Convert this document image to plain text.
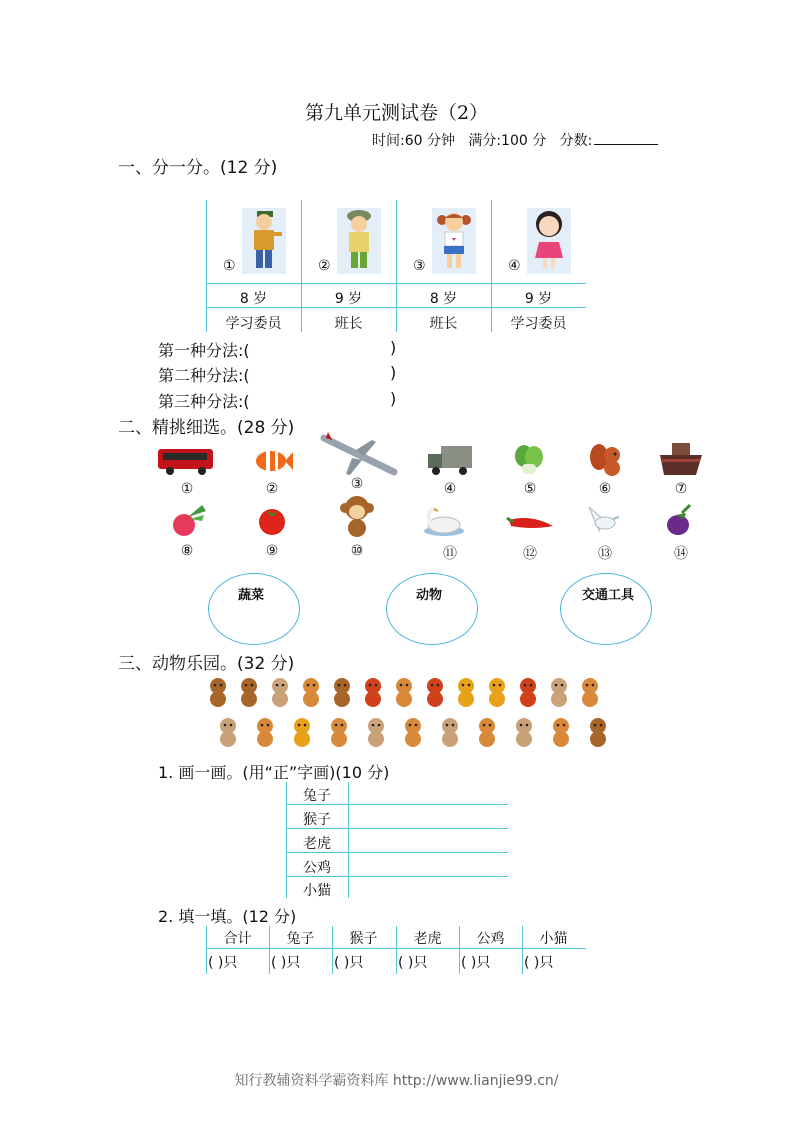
第九单元测试卷（2）
时间:60 分钟 满分:100 分 分数:
一、分一分。(12 分)
①	②	③	④
8 岁	9 岁	8 岁	9 岁
学习委员	班长	班长	学习委员
第一种分法:(	)
第二种分法:(	)
第三种分法:(	)
二、精挑细选。(28 分)
①	②	③	④	⑤	⑥	⑦
⑧	⑨	⑩	⑪	⑫	⑬	⑭
蔬菜	动物	交通工具
三、动物乐园。(32 分)
1. 画一画。(用“正”字画)(10 分)
兔子
猴子
老虎
公鸡
小猫
2. 填一填。(12 分)
合计	兔子	猴子	老虎	公鸡	小猫
( )只	( )只	( )只	( )只	( )只	( )只
知行教辅资料学霸资料库 http://www.lianjie99.cn/
